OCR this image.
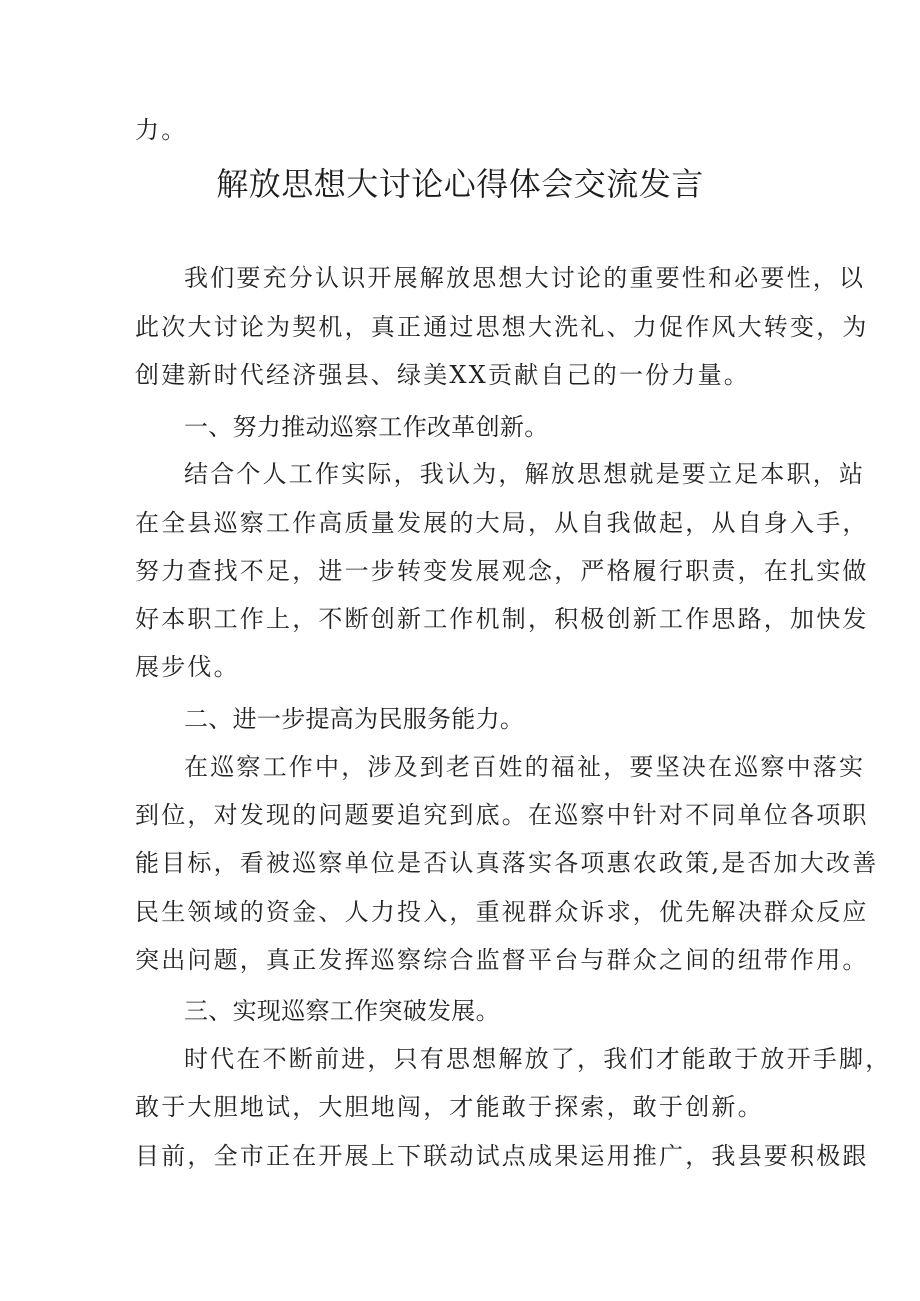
力。
解放思想大讨论心得体会交流发言
我们要充分认识开展解放思想大讨论的重要性和必要性，以
此次大讨论为契机，真正通过思想大洗礼、力促作风大转变，为
创建新时代经济强县、绿美XX贡献自己的一份力量。
一、努力推动巡察工作改革创新。
结合个人工作实际，我认为，解放思想就是要立足本职，站
在全县巡察工作高质量发展的大局，从自我做起，从自身入手，
努力查找不足，进一步转变发展观念，严格履行职责，在扎实做
好本职工作上，不断创新工作机制，积极创新工作思路，加快发
展步伐。
二、进一步提高为民服务能力。
在巡察工作中，涉及到老百姓的福祉，要坚决在巡察中落实
到位，对发现的问题要追究到底。在巡察中针对不同单位各项职
能目标，看被巡察单位是否认真落实各项惠农政策,是否加大改善
民生领域的资金、人力投入，重视群众诉求，优先解决群众反应
突出问题，真正发挥巡察综合监督平台与群众之间的纽带作用。
三、实现巡察工作突破发展。
时代在不断前进，只有思想解放了，我们才能敢于放开手脚，
敢于大胆地试，大胆地闯，才能敢于探索，敢于创新。
目前，全市正在开展上下联动试点成果运用推广，我县要积极跟
